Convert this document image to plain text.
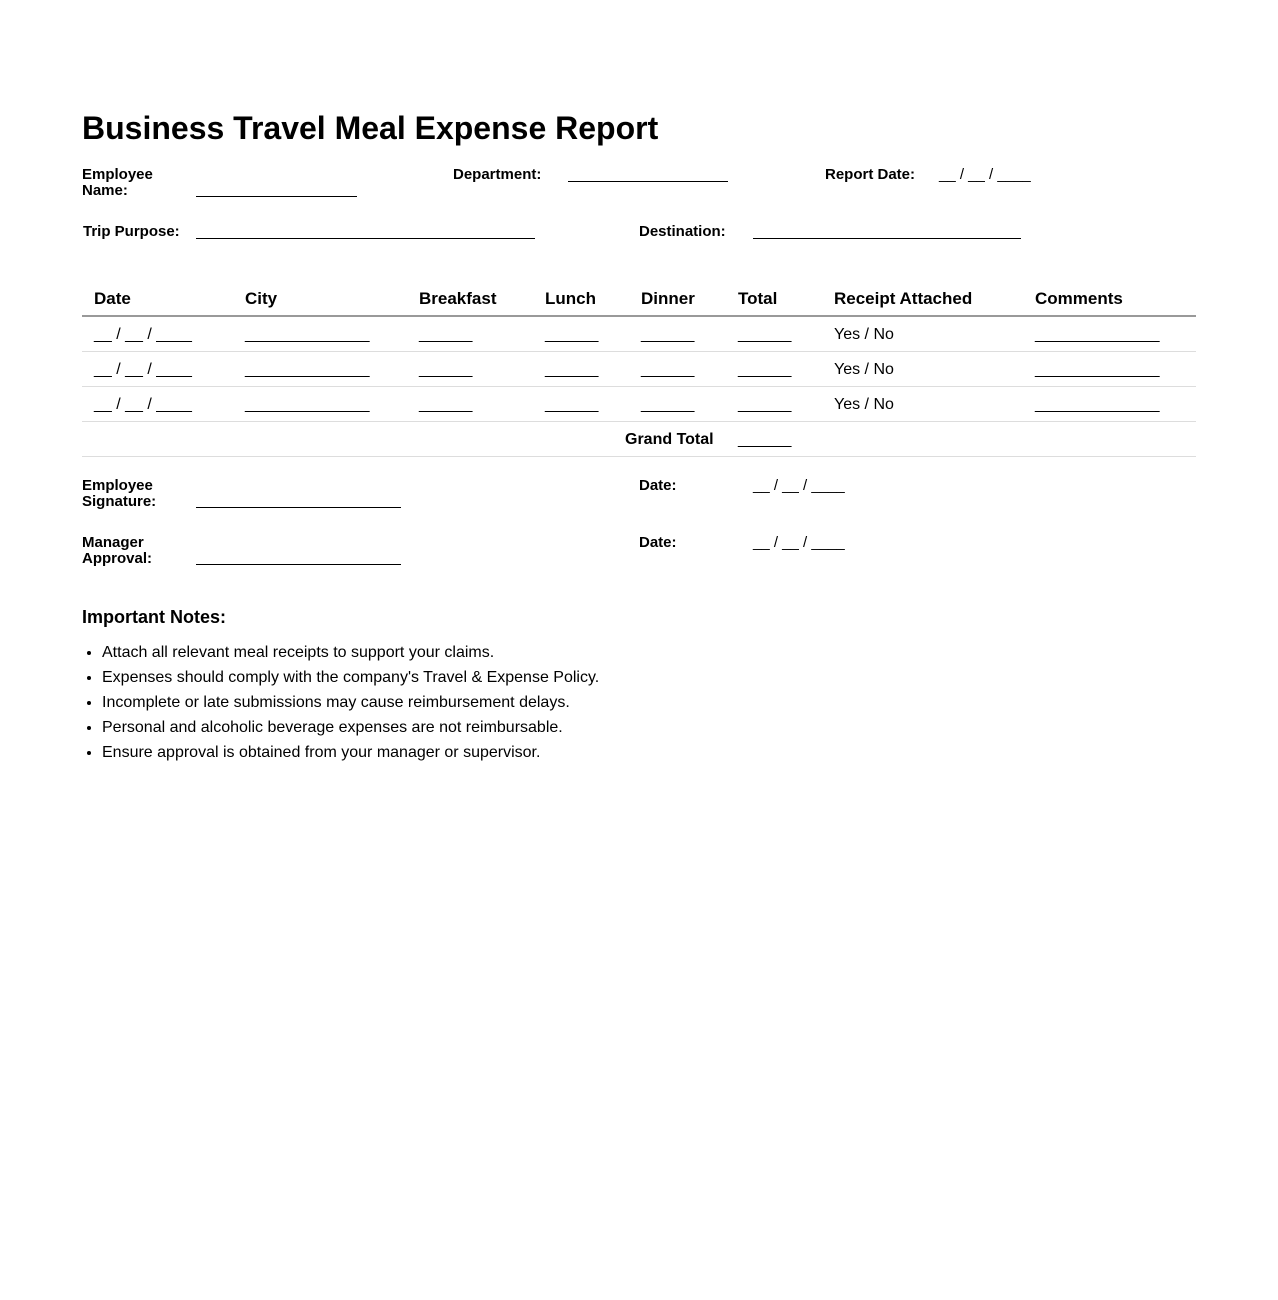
Business Travel Meal Expense Report
Employee Name:
Department:	Report Date: __ / __ / ____
Trip Purpose:	Destination:
Date	City	Breakfast	Lunch	Dinner	Total	Receipt Attached	Comments
__ / __ / ____	______________	______	______	______	______	Yes / No	______________
__ / __ / ____	______________	______	______	______	______	Yes / No	______________
__ / __ / ____	______________	______	______	______	______	Yes / No	______________
Grand Total ______
Employee Signature:
Date:	__ / __ / ____
Manager Approval:
Date:	__ / __ / ____
Important Notes:
• Attach all relevant meal receipts to support your claims.
• Expenses should comply with the company's Travel & Expense Policy.
• Incomplete or late submissions may cause reimbursement delays.
• Personal and alcoholic beverage expenses are not reimbursable.
• Ensure approval is obtained from your manager or supervisor.
